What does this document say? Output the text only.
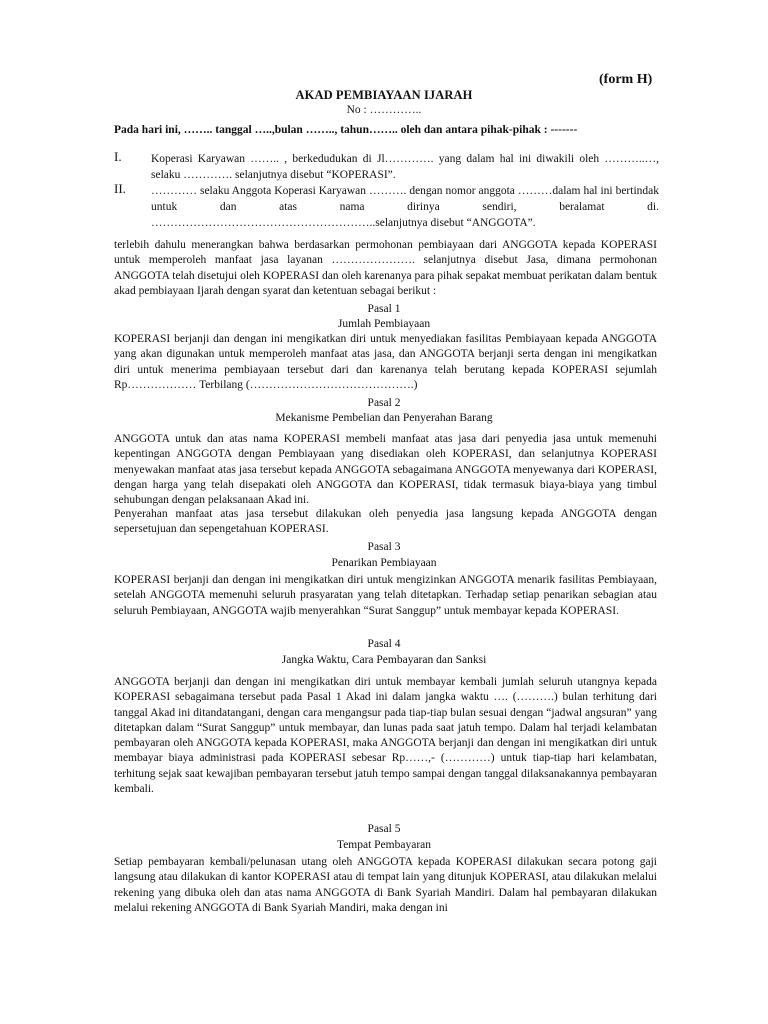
(form H)
AKAD PEMBIAYAAN IJARAH
No : …………..
Pada hari ini, …….. tanggal …..,bulan …….., tahun…….. oleh dan antara pihak-pihak : -------
I.	Koperasi Karyawan …….. , berkedudukan di Jl…………. yang dalam hal ini diwakili oleh ………..…, selaku …………. selanjutnya disebut “KOPERASI”.
II. ………… selaku Anggota Koperasi Karyawan ………. dengan nomor anggota ………dalam hal ini bertindak untuk dan atas nama dirinya sendiri, beralamat di. …………………………………………………..selanjutnya disebut “ANGGOTA”.
terlebih dahulu menerangkan bahwa berdasarkan permohonan pembiayaan dari ANGGOTA kepada KOPERASI untuk memperoleh manfaat jasa layanan …………………. selanjutnya disebut Jasa, dimana permohonan ANGGOTA telah disetujui oleh KOPERASI dan oleh karenanya para pihak sepakat membuat perikatan dalam bentuk akad pembiayaan Ijarah dengan syarat dan ketentuan sebagai berikut :
Pasal 1
Jumlah Pembiayaan
KOPERASI berjanji dan dengan ini mengikatkan diri untuk menyediakan fasilitas Pembiayaan kepada ANGGOTA yang akan digunakan untuk memperoleh manfaat atas jasa, dan ANGGOTA berjanji serta dengan ini mengikatkan diri untuk menerima pembiayaan tersebut dari dan karenanya telah berutang kepada KOPERASI sejumlah Rp……………… Terbilang (…………………………………….)
Pasal 2
Mekanisme Pembelian dan Penyerahan Barang
ANGGOTA untuk dan atas nama KOPERASI membeli manfaat atas jasa dari penyedia jasa untuk memenuhi kepentingan ANGGOTA dengan Pembiayaan yang disediakan oleh KOPERASI, dan selanjutnya KOPERASI menyewakan manfaat atas jasa tersebut kepada ANGGOTA sebagaimana ANGGOTA menyewanya dari KOPERASI, dengan harga yang telah disepakati oleh ANGGOTA dan KOPERASI, tidak termasuk biaya-biaya yang timbul sehubungan dengan pelaksanaan Akad ini.
Penyerahan manfaat atas jasa tersebut dilakukan oleh penyedia jasa langsung kepada ANGGOTA dengan sepersetujuan dan sepengetahuan KOPERASI.
Pasal 3
Penarikan Pembiayaan
KOPERASI berjanji dan dengan ini mengikatkan diri untuk mengizinkan ANGGOTA menarik fasilitas Pembiayaan, setelah ANGGOTA memenuhi seluruh prasyaratan yang telah ditetapkan. Terhadap setiap penarikan sebagian atau seluruh Pembiayaan, ANGGOTA wajib menyerahkan “Surat Sanggup” untuk membayar kepada KOPERASI.
Pasal 4
Jangka Waktu, Cara Pembayaran dan Sanksi
ANGGOTA berjanji dan dengan ini mengikatkan diri untuk membayar kembali jumlah seluruh utangnya kepada KOPERASI sebagaimana tersebut pada Pasal 1 Akad ini dalam jangka waktu …. (……….) bulan terhitung dari tanggal Akad ini ditandatangani, dengan cara mengangsur pada tiap-tiap bulan sesuai dengan “jadwal angsuran” yang ditetapkan dalam “Surat Sanggup” untuk membayar, dan lunas pada saat jatuh tempo. Dalam hal terjadi kelambatan pembayaran oleh ANGGOTA kepada KOPERASI, maka ANGGOTA berjanji dan dengan ini mengikatkan diri untuk membayar biaya administrasi pada KOPERASI sebesar Rp……,- (…………) untuk tiap-tiap hari kelambatan, terhitung sejak saat kewajiban pembayaran tersebut jatuh tempo sampai dengan tanggal dilaksanakannya pembayaran kembali.
Pasal 5
Tempat Pembayaran
Setiap pembayaran kembali/pelunasan utang oleh ANGGOTA kepada KOPERASI dilakukan secara potong gaji langsung atau dilakukan di kantor KOPERASI atau di tempat lain yang ditunjuk KOPERASI, atau dilakukan melalui rekening yang dibuka oleh dan atas nama ANGGOTA di Bank Syariah Mandiri. Dalam hal pembayaran dilakukan melalui rekening ANGGOTA di Bank Syariah Mandiri, maka dengan ini
